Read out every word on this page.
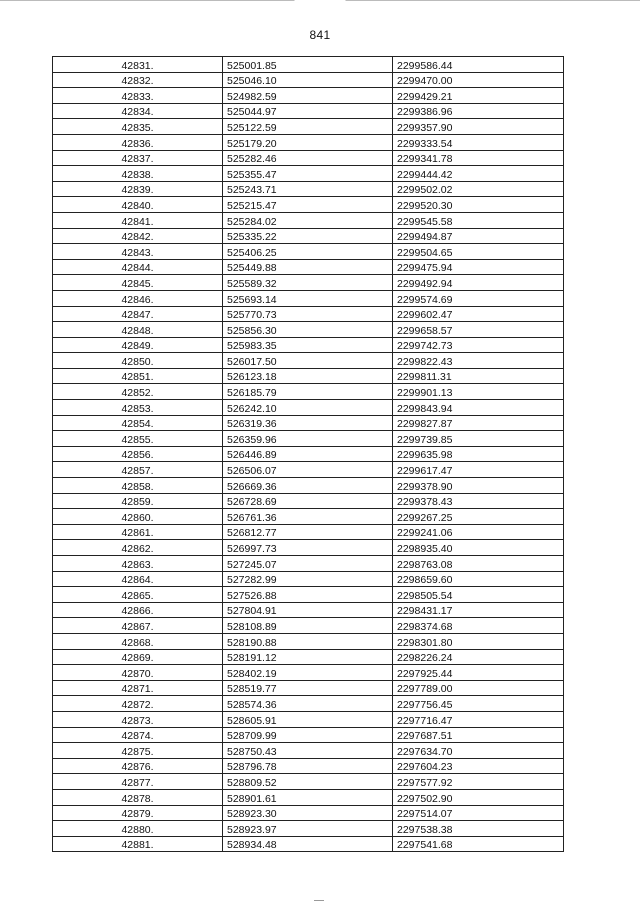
841
42831.	525001.85	2299586.44
42832.	525046.10	2299470.00
42833.	524982.59	2299429.21
42834.	525044.97	2299386.96
42835.	525122.59	2299357.90
42836.	525179.20	2299333.54
42837.	525282.46	2299341.78
42838.	525355.47	2299444.42
42839.	525243.71	2299502.02
42840.	525215.47	2299520.30
42841.	525284.02	2299545.58
42842.	525335.22	2299494.87
42843.	525406.25	2299504.65
42844.	525449.88	2299475.94
42845.	525589.32	2299492.94
42846.	525693.14	2299574.69
42847.	525770.73	2299602.47
42848.	525856.30	2299658.57
42849.	525983.35	2299742.73
42850.	526017.50	2299822.43
42851.	526123.18	2299811.31
42852.	526185.79	2299901.13
42853.	526242.10	2299843.94
42854.	526319.36	2299827.87
42855.	526359.96	2299739.85
42856.	526446.89	2299635.98
42857.	526506.07	2299617.47
42858.	526669.36	2299378.90
42859.	526728.69	2299378.43
42860.	526761.36	2299267.25
42861.	526812.77	2299241.06
42862.	526997.73	2298935.40
42863.	527245.07	2298763.08
42864.	527282.99	2298659.60
42865.	527526.88	2298505.54
42866.	527804.91	2298431.17
42867.	528108.89	2298374.68
42868.	528190.88	2298301.80
42869.	528191.12	2298226.24
42870.	528402.19	2297925.44
42871.	528519.77	2297789.00
42872.	528574.36	2297756.45
42873.	528605.91	2297716.47
42874.	528709.99	2297687.51
42875.	528750.43	2297634.70
42876.	528796.78	2297604.23
42877.	528809.52	2297577.92
42878.	528901.61	2297502.90
42879.	528923.30	2297514.07
42880.	528923.97	2297538.38
42881.	528934.48	2297541.68
